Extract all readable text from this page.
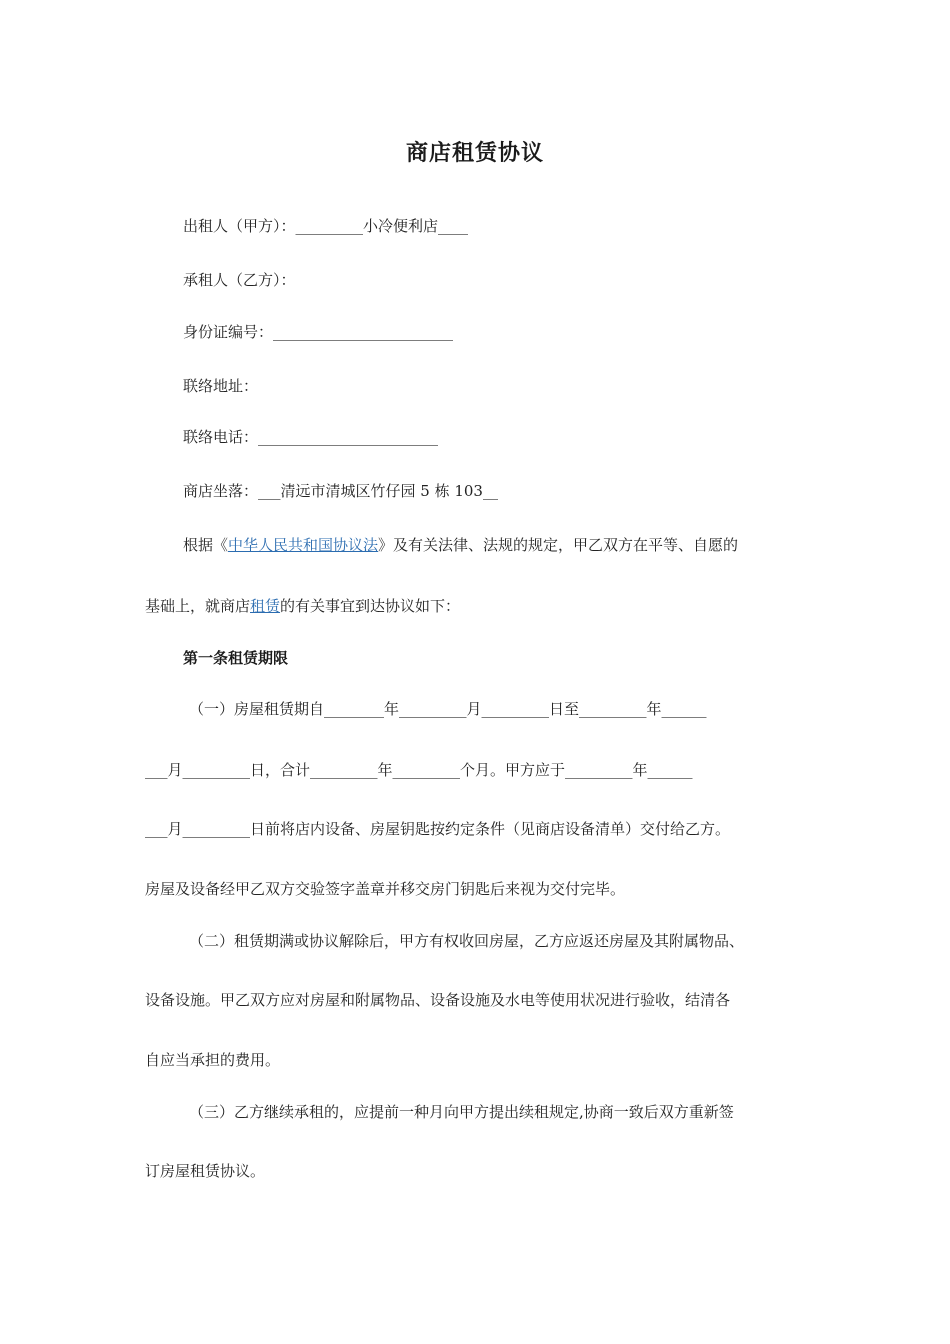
商店租赁协议
出租人（甲方）：_________小冷便利店____
承租人（乙方）：
身份证编号：________________________
联络地址：
联络电话：________________________
商店坐落：___清远市清城区竹仔园 5 栋 103__
根据《中华人民共和国协议法》及有关法律、法规的规定，甲乙双方在平等、自愿的
基础上，就商店租赁的有关事宜到达协议如下：
第一条租赁期限
（一）房屋租赁期自________年_________月_________日至_________年______
___月_________日，合计_________年_________个月。甲方应于_________年______
___月_________日前将店内设备、房屋钥匙按约定条件（见商店设备清单）交付给乙方。
房屋及设备经甲乙双方交验签字盖章并移交房门钥匙后来视为交付完毕。
（二）租赁期满或协议解除后，甲方有权收回房屋，乙方应返还房屋及其附属物品、
设备设施。甲乙双方应对房屋和附属物品、设备设施及水电等使用状况进行验收，结清各
自应当承担的费用。
（三）乙方继续承租的，应提前一种月向甲方提出续租规定,协商一致后双方重新签
订房屋租赁协议。
